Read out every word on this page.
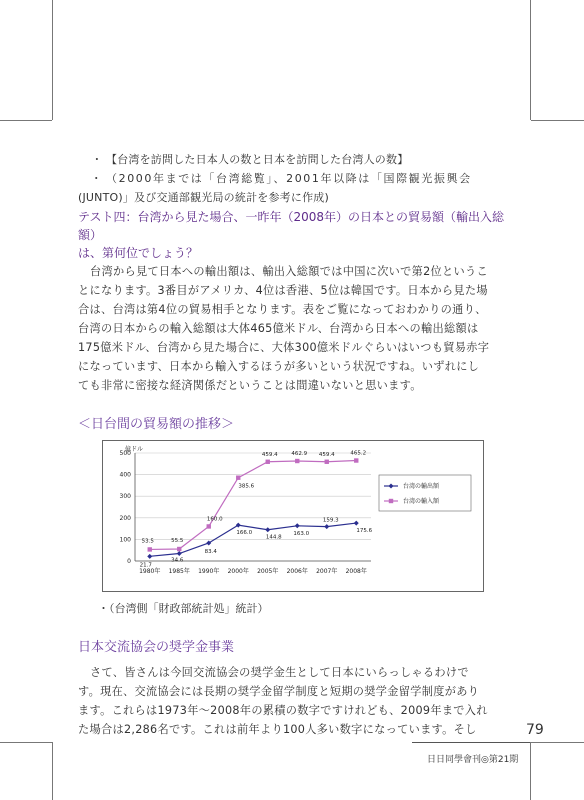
・ 【台湾を訪問した日本人の数と日本を訪問した台湾人の数】
・ （2000年までは「台湾総覧」、2001年以降は「国際観光振興会
(JUNTO)」及び交通部観光局の統計を参考に作成)
テスト四：台湾から見た場合、一昨年（2008年）の日本との貿易額（輸出入総額）
は、第何位でしょう？
台湾から見て日本への輸出額は、輸出入総額では中国に次いで第2位というこ
とになります。3番目がアメリカ、4位は香港、5位は韓国です。日本から見た場
合は、台湾は第4位の貿易相手となります。表をご覧になっておわかりの通り、
台湾の日本からの輸入総額は大体465億米ドル、台湾から日本への輸出総額は
175億米ドル、台湾から見た場合に、大体300億米ドルぐらいはいつも貿易赤字
になっています、日本から輸入するほうが多いという状況ですね。いずれにし
ても非常に密接な経済関係だということは間違いないと思います。
＜日台間の貿易額の推移＞
億ドル
0
100
200
300
400
500
1980年 1985年 1990年 2000年 2005年 2006年 2007年 2008年
21.7
34.6
83.4
166.0
144.8
163.0
159.3
175.6
53.5	55.5
160.0
385.6
459.4	462.9 459.4	465.2
台湾の輸出額
台湾の輸入額
・（台湾側「財政部統計処」統計）
日本交流協会の奨学金事業
さて、皆さんは今回交流協会の奨学金生として日本にいらっしゃるわけで
す。現在、交流協会には長期の奨学金留学制度と短期の奨学金留学制度があり
ます。これらは1973年～2008年の累積の数字ですけれども、2009年まで入れ
た場合は2,286名です。これは前年より100人多い数字になっています。そし	79
日日同學會刊◎第21期
